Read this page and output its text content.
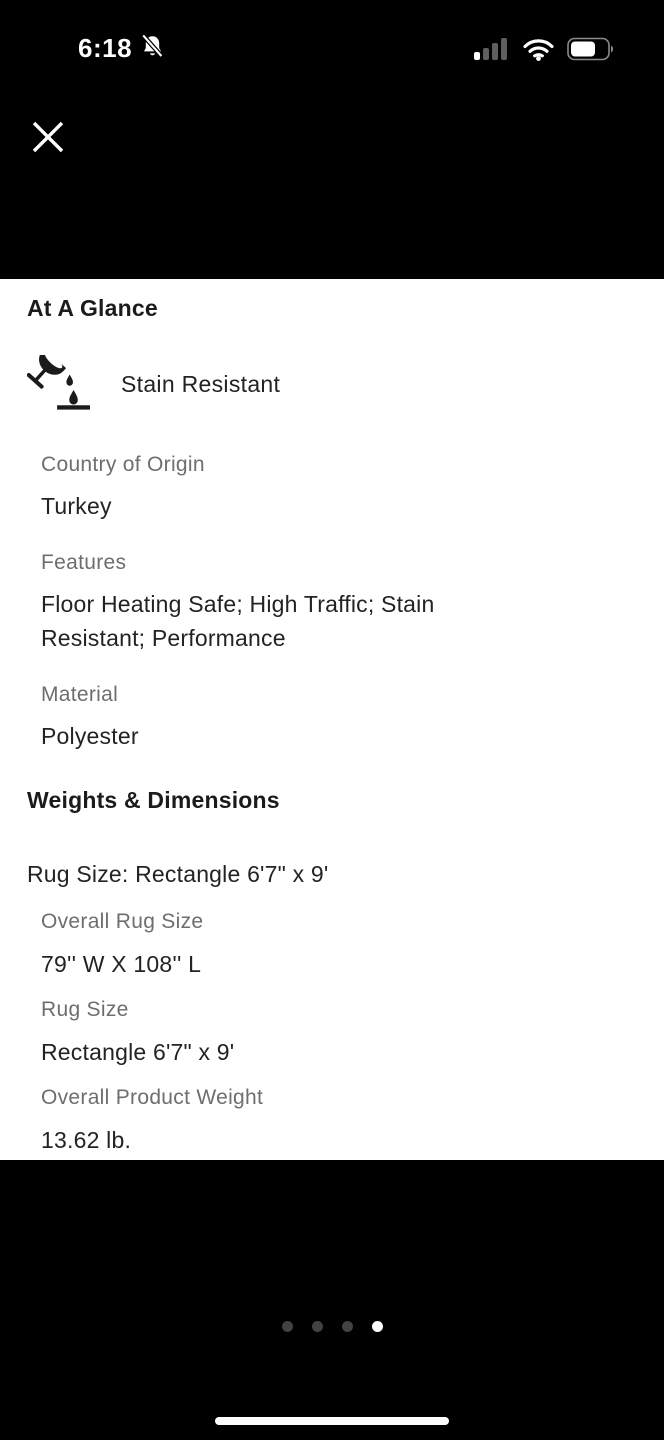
6:18
At A Glance
Stain Resistant
Country of Origin
Turkey
Features
Floor Heating Safe; High Traffic; Stain Resistant; Performance
Material
Polyester
Weights & Dimensions
Rug Size: Rectangle 6'7" x 9'
Overall Rug Size
79'' W X 108'' L
Rug Size
Rectangle 6'7" x 9'
Overall Product Weight
13.62 lb.
